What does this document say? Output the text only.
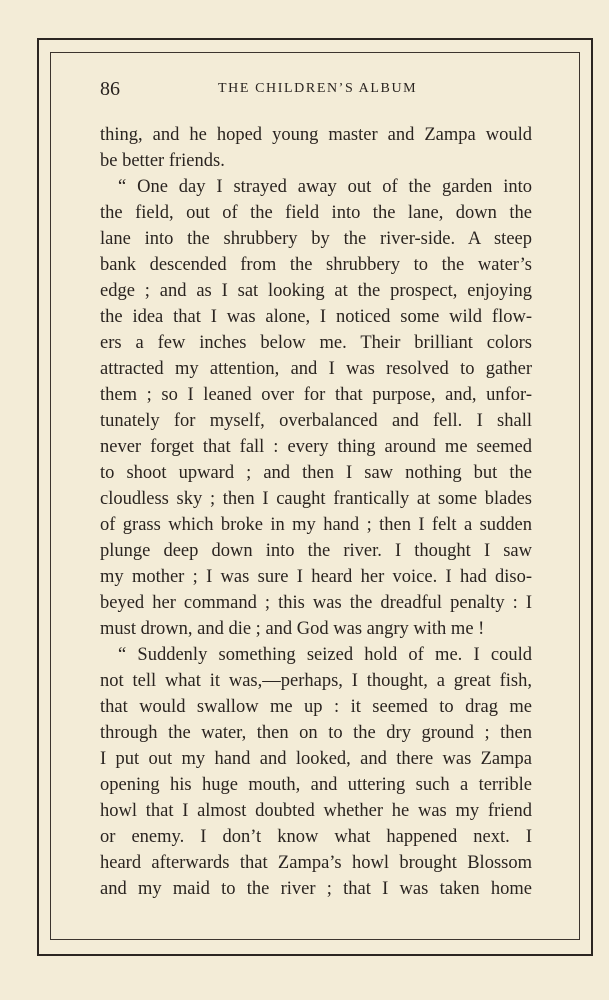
86	THE CHILDREN’S ALBUM
thing, and he hoped young master and Zampa would
be better friends.
“ One day I strayed away out of the garden into
the field, out of the field into the lane, down the
lane into the shrubbery by the river-side. A steep
bank descended from the shrubbery to the water’s
edge ; and as I sat looking at the prospect, enjoying
the idea that I was alone, I noticed some wild flow-
ers a few inches below me. Their brilliant colors
attracted my attention, and I was resolved to gather
them ; so I leaned over for that purpose, and, unfor-
tunately for myself, overbalanced and fell. I shall
never forget that fall : every thing around me seemed
to shoot upward ; and then I saw nothing but the
cloudless sky ; then I caught frantically at some blades
of grass which broke in my hand ; then I felt a sudden
plunge deep down into the river. I thought I saw
my mother ; I was sure I heard her voice. I had diso-
beyed her command ; this was the dreadful penalty : I
must drown, and die ; and God was angry with me !
“ Suddenly something seized hold of me. I could
not tell what it was,—perhaps, I thought, a great fish,
that would swallow me up : it seemed to drag me
through the water, then on to the dry ground ; then
I put out my hand and looked, and there was Zampa
opening his huge mouth, and uttering such a terrible
howl that I almost doubted whether he was my friend
or enemy. I don’t know what happened next. I
heard afterwards that Zampa’s howl brought Blossom
and my maid to the river ; that I was taken home
